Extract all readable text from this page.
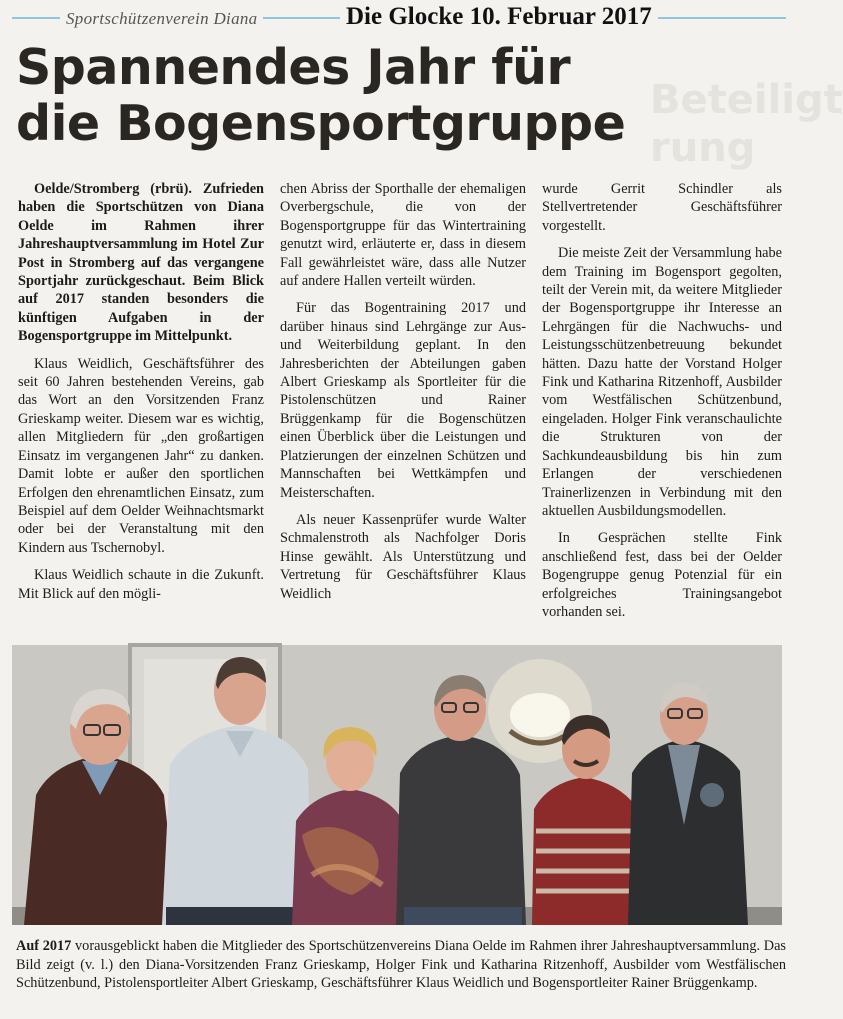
Sportschützenverein Diana	Die Glocke 10. Februar 2017
Beteiligt
rung
Spannendes Jahr für
die Bogensportgruppe

Oelde/Stromberg (rbrü). Zufrieden haben die Sportschützen von Diana Oelde im Rahmen ihrer Jahreshauptversammlung im Hotel Zur Post in Stromberg auf das vergangene Sportjahr zurückgeschaut. Beim Blick auf 2017 standen besonders die künftigen Aufgaben in der Bogensportgruppe im Mittelpunkt.

Klaus Weidlich, Geschäftsführer des seit 60 Jahren bestehenden Vereins, gab das Wort an den Vorsitzenden Franz Grieskamp weiter. Diesem war es wichtig, allen Mitgliedern für „den großartigen Einsatz im vergangenen Jahr“ zu danken. Damit lobte er außer den sportlichen Erfolgen den ehrenamtlichen Einsatz, zum Beispiel auf dem Oelder Weihnachtsmarkt oder bei der Veranstaltung mit den Kindern aus Tschernobyl.

Klaus Weidlich schaute in die Zukunft. Mit Blick auf den mögli-

chen Abriss der Sporthalle der ehemaligen Overbergschule, die von der Bogensportgruppe für das Wintertraining genutzt wird, erläuterte er, dass in diesem Fall gewährleistet wäre, dass alle Nutzer auf andere Hallen verteilt würden.

Für das Bogentraining 2017 und darüber hinaus sind Lehrgänge zur Aus- und Weiterbildung geplant. In den Jahresberichten der Abteilungen gaben Albert Grieskamp als Sportleiter für die Pistolenschützen und Rainer Brüggenkamp für die Bogenschützen einen Überblick über die Leistungen und Platzierungen der einzelnen Schützen und Mannschaften bei Wettkämpfen und Meisterschaften.

Als neuer Kassenprüfer wurde Walter Schmalenstroth als Nachfolger Doris Hinse gewählt. Als Unterstützung und Vertretung für Geschäftsführer Klaus Weidlich

wurde Gerrit Schindler als Stellvertretender Geschäftsführer vorgestellt.

Die meiste Zeit der Versammlung habe dem Training im Bogensport gegolten, teilt der Verein mit, da weitere Mitglieder der Bogensportgruppe ihr Interesse an Lehrgängen für die Nachwuchs- und Leistungsschützenbetreuung bekundet hätten. Dazu hatte der Vorstand Holger Fink und Katharina Ritzenhoff, Ausbilder vom Westfälischen Schützenbund, eingeladen. Holger Fink veranschaulichte die Strukturen von der Sachkundeausbildung bis hin zum Erlangen der verschiedenen Trainerlizenzen in Verbindung mit den aktuellen Ausbildungsmodellen.

In Gesprächen stellte Fink anschließend fest, dass bei der Oelder Bogengruppe genug Potenzial für ein erfolgreiches Trainingsangebot vorhanden sei.

Auf 2017 vorausgeblickt haben die Mitglieder des Sportschützenvereins Diana Oelde im Rahmen ihrer Jahreshauptversammlung. Das Bild zeigt (v. l.) den Diana-Vorsitzenden Franz Grieskamp, Holger Fink und Katharina Ritzenhoff, Ausbilder vom Westfälischen Schützenbund, Pistolensportleiter Albert Grieskamp, Geschäftsführer Klaus Weidlich und Bogensportleiter Rainer Brüggenkamp.
